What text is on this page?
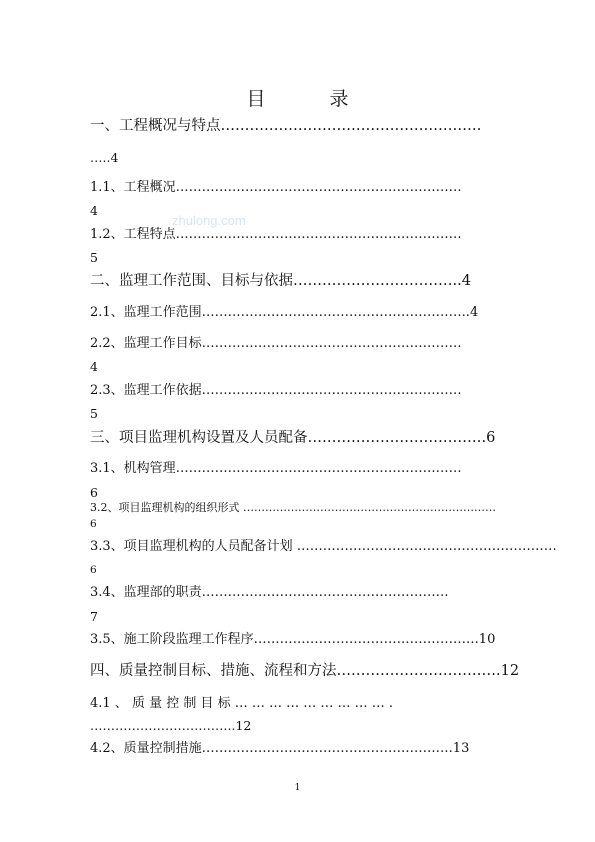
目	录
zhulong.com
一、工程概况与特点………………………………………………
…..4
1.1、工程概况…………………………………………………………
4
1.2、工程特点…………………………………………………………
5
二、监理工作范围、目标与依据……………………………..4
2.1、监理工作范围……………………………………………………..4
2.2、监理工作目标……………………………………………………
4
2.3、监理工作依据……………………………………………………
5
三、项目监理机构设置及人员配备……………………………….6
3.1、机构管理…………………………………………………………
6
3.2、项目监理机构的组织形式 ……………………………………………………………
6
3.3、项目监理机构的人员配备计划 ……………………………………………………
6
3.4、监理部的职责…………………………………………………
7
3.5、施工阶段监理工作程序…………………………………………….10
四、质量控制目标、措施、流程和方法…………………………….12
4.1 、 质 量 控 制 目 标 … … … … … … … … … .
……………………………..12
4.2、质量控制措施………………………………………………….13
1
